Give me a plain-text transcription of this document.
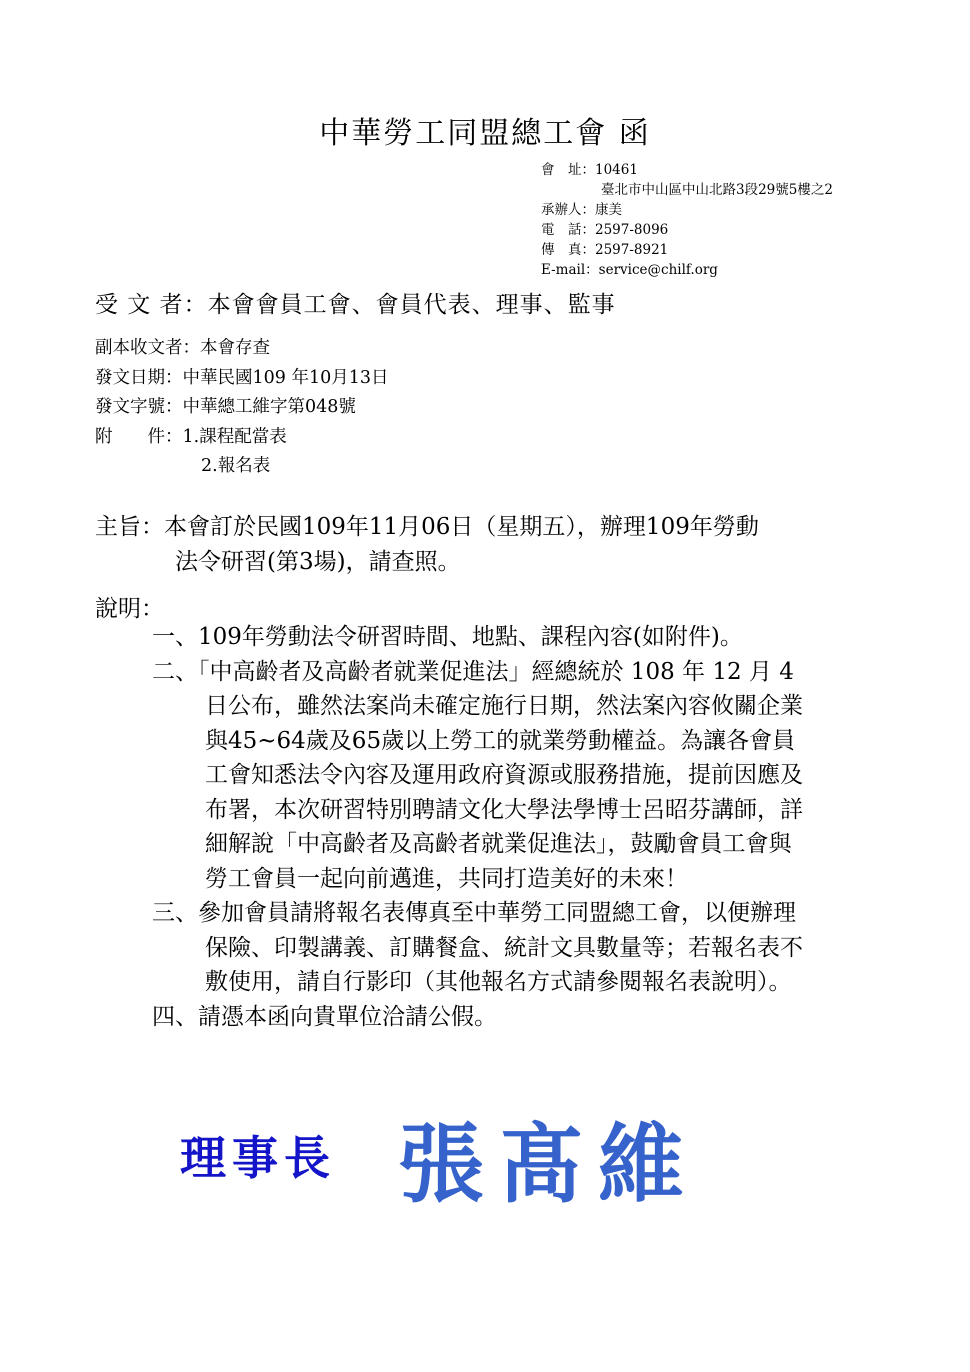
中華勞工同盟總工會 函
會　址：10461
臺北市中山區中山北路3段29號5樓之2
承辦人：康美
電　話：2597-8096
傳　真：2597-8921
E-mail：service@chilf.org
受 文 者：本會會員工會、會員代表、理事、監事
副本收文者：本會存查
發文日期：中華民國109 年10月13日
發文字號：中華總工維字第048號
附　　件：1.課程配當表
2.報名表
主旨：本會訂於民國109年11月06日（星期五），辦理109年勞動
法令研習(第3場)，請查照。
說明：
一、109年勞動法令研習時間、地點、課程內容(如附件)。
二、「中高齡者及高齡者就業促進法」經總統於 108 年 12 月 4
日公布，雖然法案尚未確定施行日期，然法案內容攸關企業
與45~64歲及65歲以上勞工的就業勞動權益。為讓各會員
工會知悉法令內容及運用政府資源或服務措施，提前因應及
布署，本次研習特別聘請文化大學法學博士呂昭芬講師，詳
細解說「中高齡者及高齡者就業促進法」，鼓勵會員工會與
勞工會員一起向前邁進，共同打造美好的未來！
三、參加會員請將報名表傳真至中華勞工同盟總工會，以便辦理
保險、印製講義、訂購餐盒、統計文具數量等；若報名表不
敷使用，請自行影印（其他報名方式請參閱報名表說明）。
四、請憑本函向貴單位洽請公假。
理事長 張髙維
